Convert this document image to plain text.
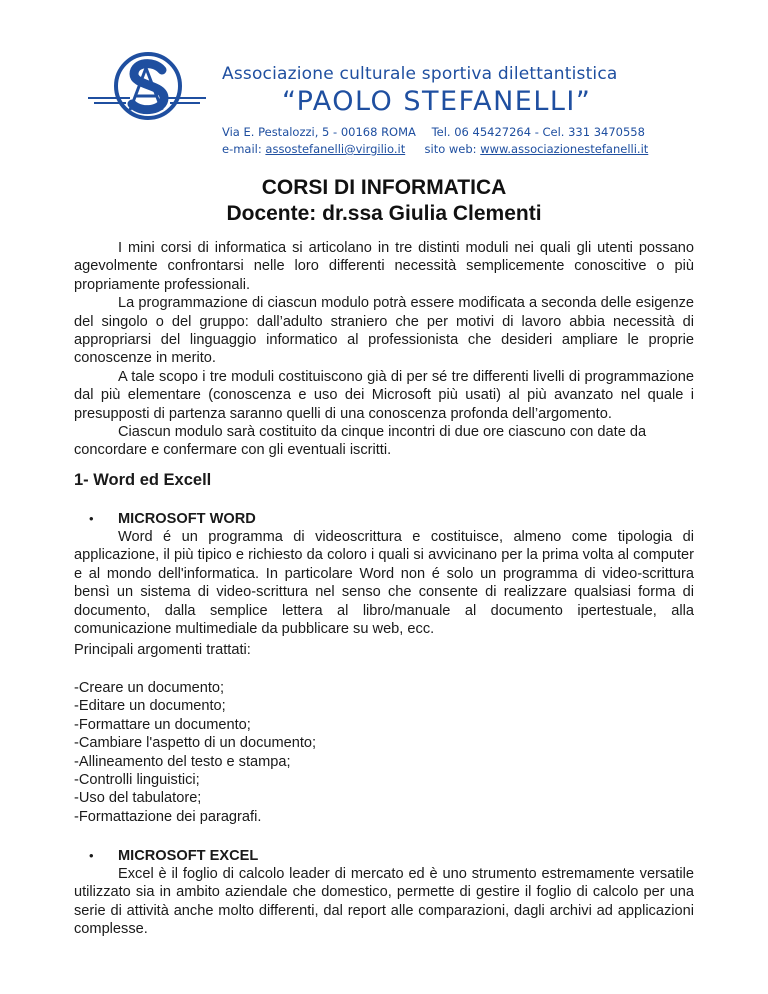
Associazione culturale sportiva dilettantistica
“PAOLO STEFANELLI”
Via E. Pestalozzi, 5 - 00168 ROMA Tel. 06 45427264 - Cel. 331 3470558
e-mail: assostefanelli@virgilio.it sito web: www.associazionestefanelli.it
CORSI DI INFORMATICA
Docente: dr.ssa Giulia Clementi

I mini corsi di informatica si articolano in tre distinti moduli nei quali gli utenti possano agevolmente confrontarsi nelle loro differenti necessità semplicemente conoscitive o più propriamente professionali.

La programmazione di ciascun modulo potrà essere modificata a seconda delle esigenze del singolo o del gruppo: dall’adulto straniero che per motivi di lavoro abbia necessità di appropriarsi del linguaggio informatico al professionista che desideri ampliare le proprie conoscenze in merito.

A tale scopo i tre moduli costituiscono già di per sé tre differenti livelli di programmazione dal più elementare (conoscenza e uso dei Microsoft più usati) al più avanzato nel quale i presupposti di partenza saranno quelli di una conoscenza profonda dell’argomento.

Ciascun modulo sarà costituito da cinque incontri di due ore ciascuno con date da concordare e confermare con gli eventuali iscritti.

1- Word ed Excell
• MICROSOFT WORD
Word é un programma di videoscrittura e costituisce, almeno come tipologia di applicazione, il più tipico e richiesto da coloro i quali si avvicinano per la prima volta al computer e al mondo dell'informatica. In particolare Word non é solo un programma di video-scrittura bensì un sistema di video-scrittura nel senso che consente di realizzare qualsiasi forma di documento, dalla semplice lettera al libro/manuale al documento ipertestuale, alla comunicazione multimediale da pubblicare su web, ecc.
Principali argomenti trattati:

-Creare un documento;

-Editare un documento;

-Formattare un documento;

-Cambiare l'aspetto di un documento;

-Allineamento del testo e stampa;

-Controlli linguistici;

-Uso del tabulatore;

-Formattazione dei paragrafi.

• MICROSOFT EXCEL
Excel è il foglio di calcolo leader di mercato ed è uno strumento estremamente versatile utilizzato sia in ambito aziendale che domestico, permette di gestire il foglio di calcolo per una serie di attività anche molto differenti, dal report alle comparazioni, dagli archivi ad applicazioni complesse.
